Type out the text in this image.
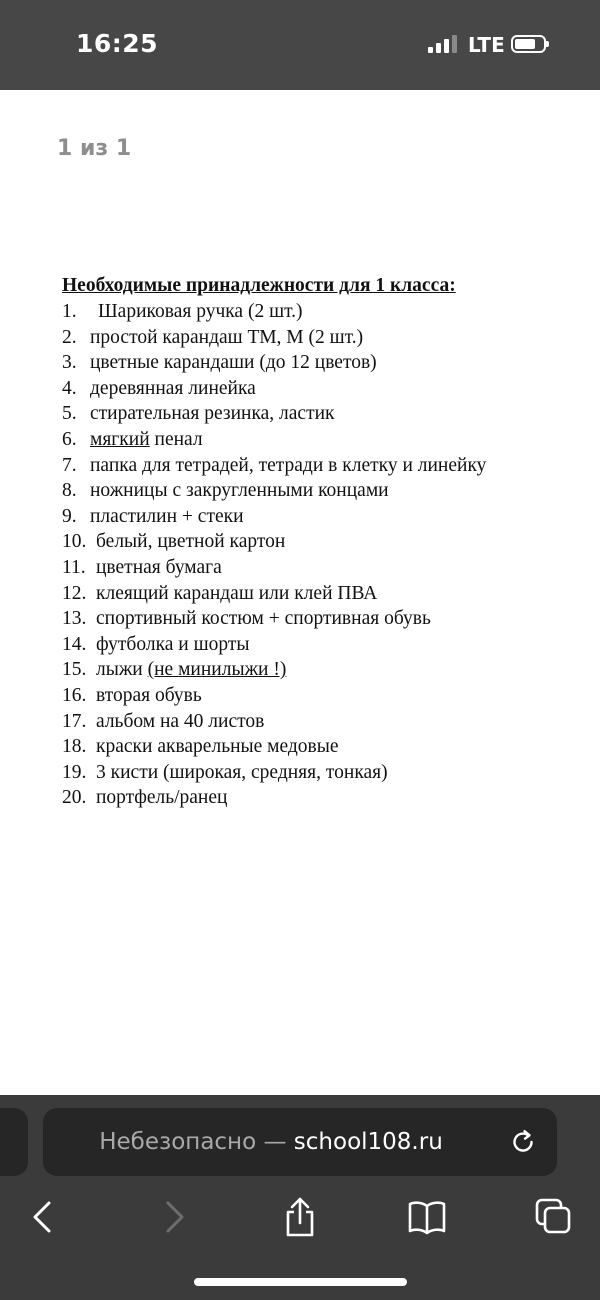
16:25	LTE
1 из 1
Необходимые принадлежности для 1 класса:
1. Шариковая ручка (2 шт.)
2. простой карандаш ТМ, М (2 шт.)
3. цветные карандаши (до 12 цветов)
4. деревянная линейка
5. стирательная резинка, ластик
6. мягкий пенал
7. папка для тетрадей, тетради в клетку и линейку
8. ножницы с закругленными концами
9. пластилин + стеки
10. белый, цветной картон
11. цветная бумага
12. клеящий карандаш или клей ПВА
13. спортивный костюм + спортивная обувь
14. футболка и шорты
15. лыжи (не минилыжи !)
16. вторая обувь
17. альбом на 40 листов
18. краски акварельные медовые
19. 3 кисти (широкая, средняя, тонкая)
20. портфель/ранец
Небезопасно — school108.ru
